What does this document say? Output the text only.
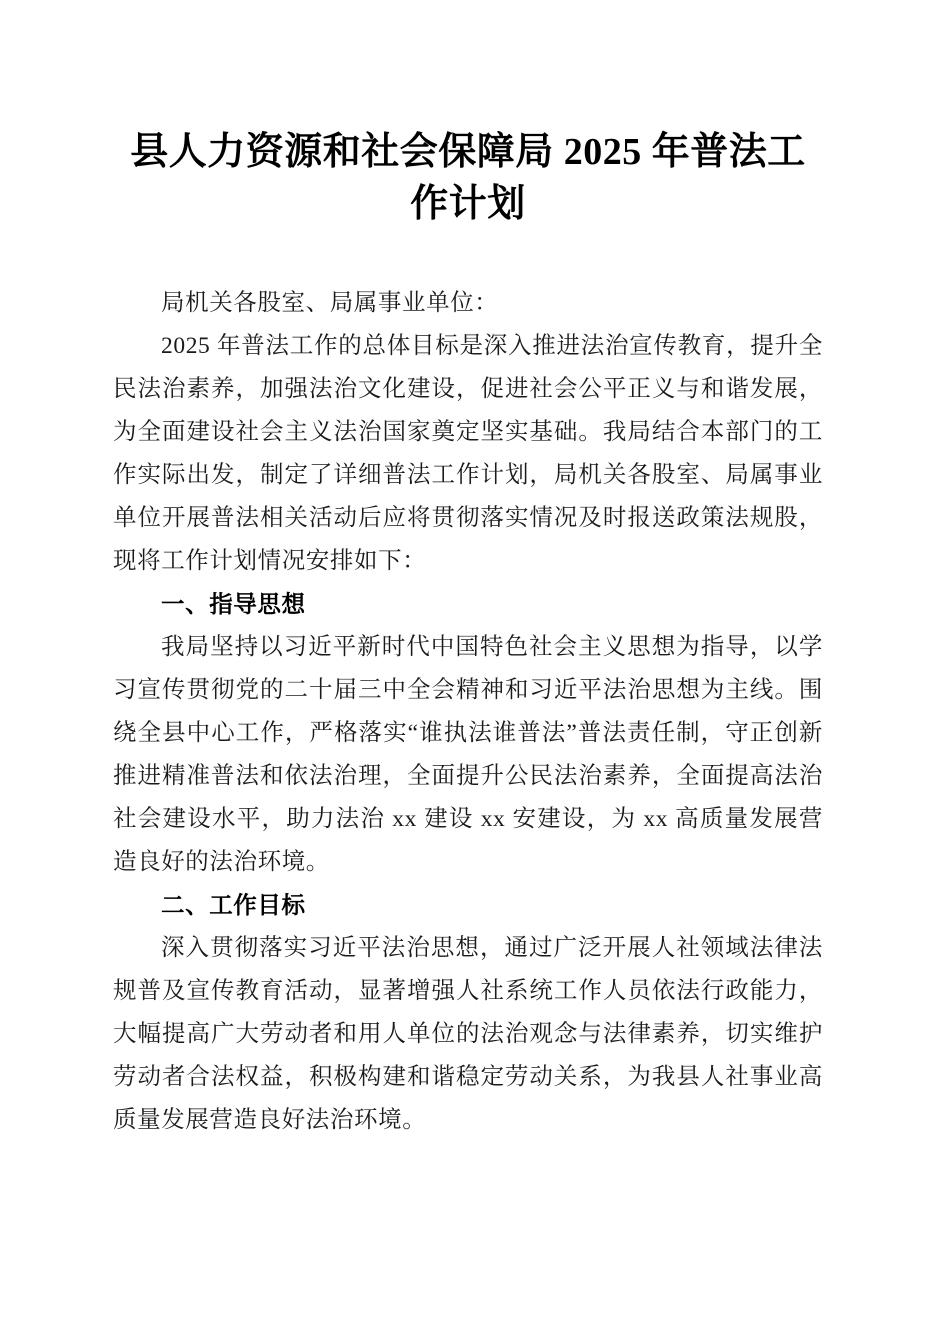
县人力资源和社会保障局 2025 年普法工作计划

局机关各股室、局属事业单位：

2025 年普法工作的总体目标是深入推进法治宣传教育，提升全民法治素养，加强法治文化建设，促进社会公平正义与和谐发展，为全面建设社会主义法治国家奠定坚实基础。我局结合本部门的工作实际出发，制定了详细普法工作计划，局机关各股室、局属事业单位开展普法相关活动后应将贯彻落实情况及时报送政策法规股，现将工作计划情况安排如下：

一、指导思想

我局坚持以习近平新时代中国特色社会主义思想为指导，以学习宣传贯彻党的二十届三中全会精神和习近平法治思想为主线。围绕全县中心工作，严格落实“谁执法谁普法”普法责任制，守正创新推进精准普法和依法治理，全面提升公民法治素养，全面提高法治社会建设水平，助力法治 xx 建设 xx 安建设，为 xx 高质量发展营造良好的法治环境。

二、工作目标

深入贯彻落实习近平法治思想，通过广泛开展人社领域法律法规普及宣传教育活动，显著增强人社系统工作人员依法行政能力，大幅提高广大劳动者和用人单位的法治观念与法律素养，切实维护劳动者合法权益，积极构建和谐稳定劳动关系，为我县人社事业高质量发展营造良好法治环境。
